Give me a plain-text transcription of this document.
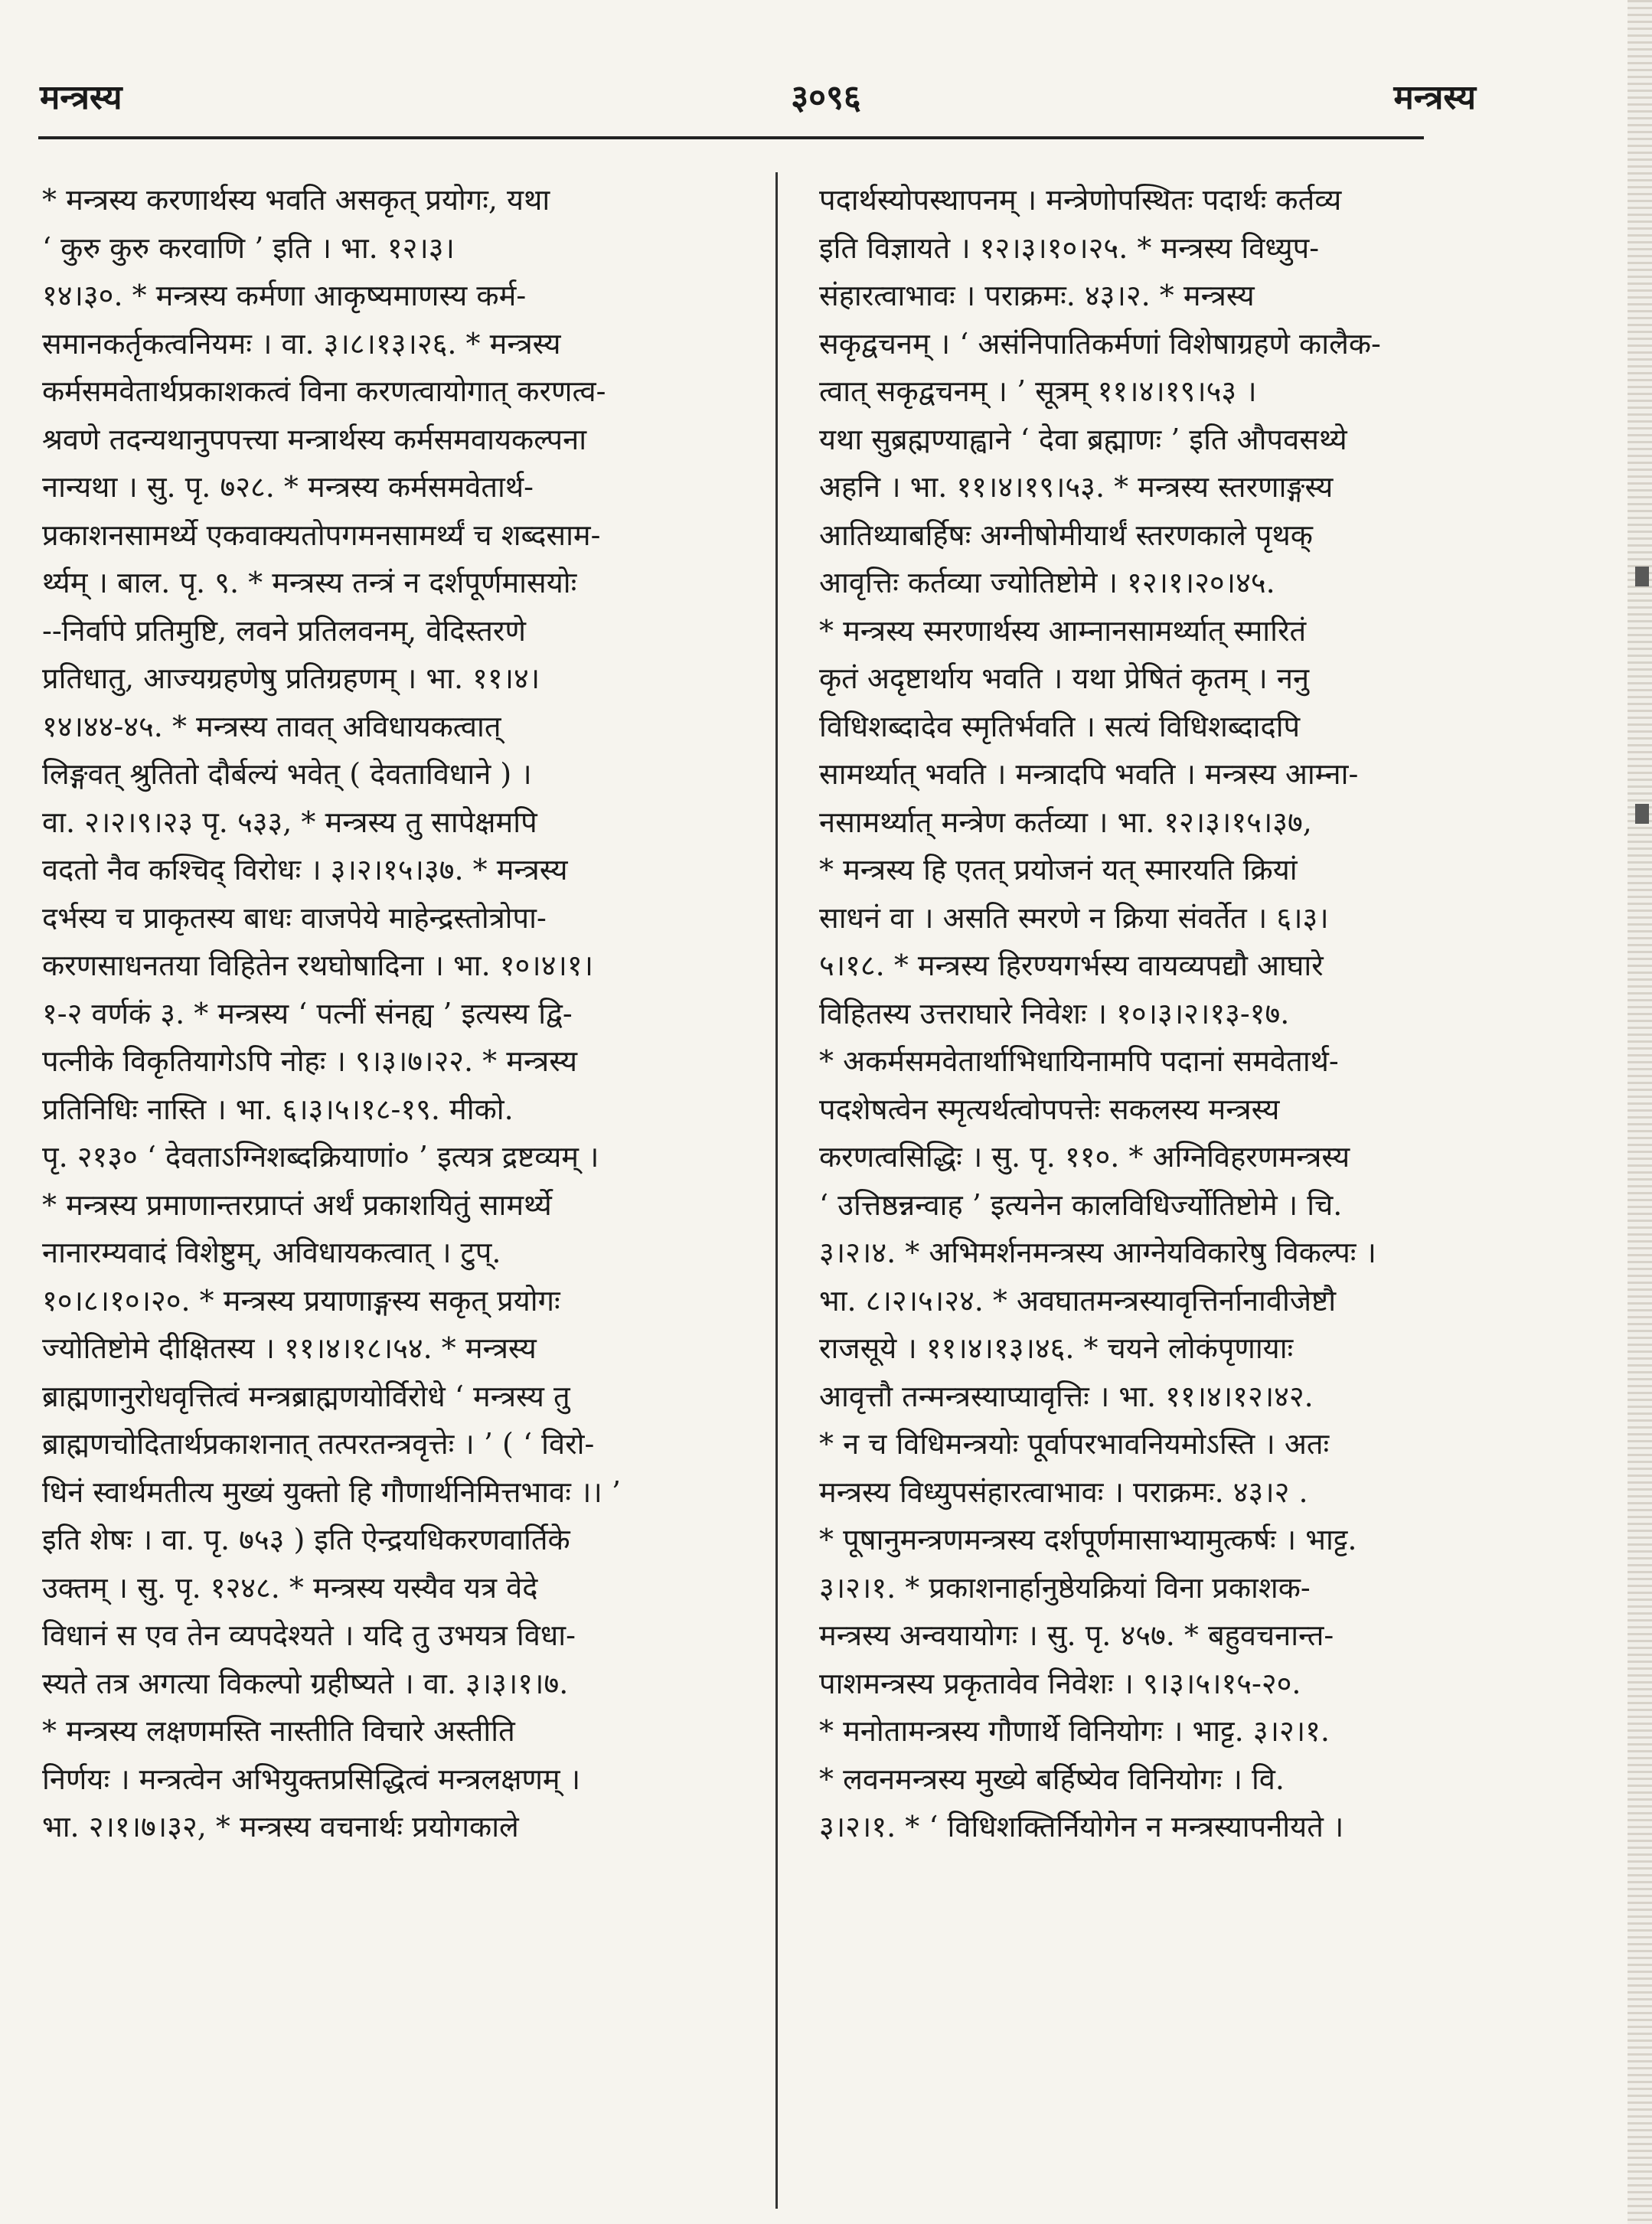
मन्त्रस्य	३०९६	मन्त्रस्य
* मन्त्रस्य करणार्थस्य भवति असकृत् प्रयोगः, यथा
‘ कुरु कुरु करवाणि ’ इति । भा. १२।३।
१४।३०. * मन्त्रस्य कर्मणा आकृष्यमाणस्य कर्म-
समानकर्तृकत्वनियमः । वा. ३।८।१३।२६. * मन्त्रस्य
कर्मसमवेतार्थप्रकाशकत्वं विना करणत्वायोगात् करणत्व-
श्रवणे तदन्यथानुपपत्त्या मन्त्रार्थस्य कर्मसमवायकल्पना
नान्यथा । सु. पृ. ७२८. * मन्त्रस्य कर्मसमवेतार्थ-
प्रकाशनसामर्थ्ये एकवाक्यतोपगमनसामर्थ्यं च शब्दसाम-
र्थ्यम् । बाल. पृ. ९. * मन्त्रस्य तन्त्रं न दर्शपूर्णमासयोः
--निर्वापे प्रतिमुष्टि, लवने प्रतिलवनम्, वेदिस्तरणे
प्रतिधातु, आज्यग्रहणेषु प्रतिग्रहणम् । भा. ११।४।
१४।४४-४५. * मन्त्रस्य तावत् अविधायकत्वात्
लिङ्गवत् श्रुतितो दौर्बल्यं भवेत् ( देवताविधाने ) ।
वा. २।२।९।२३ पृ. ५३३, * मन्त्रस्य तु सापेक्षमपि
वदतो नैव कश्चिद् विरोधः । ३।२।१५।३७. * मन्त्रस्य
दर्भस्य च प्राकृतस्य बाधः वाजपेये माहेन्द्रस्तोत्रोपा-
करणसाधनतया विहितेन रथघोषादिना । भा. १०।४।१।
१-२ वर्णकं ३. * मन्त्रस्य ‘ पत्नीं संनह्य ’ इत्यस्य द्वि-
पत्नीके विकृतियागेऽपि नोहः । ९।३।७।२२. * मन्त्रस्य
प्रतिनिधिः नास्ति । भा. ६।३।५।१८-१९. मीको.
पृ. २१३० ‘ देवताऽग्निशब्दक्रियाणां० ’ इत्यत्र द्रष्टव्यम् ।
* मन्त्रस्य प्रमाणान्तरप्राप्तं अर्थं प्रकाशयितुं सामर्थ्ये
नानारम्यवादं विशेष्टुम्, अविधायकत्वात् । टुप्.
१०।८।१०।२०. * मन्त्रस्य प्रयाणाङ्गस्य सकृत् प्रयोगः
ज्योतिष्टोमे दीक्षितस्य । ११।४।१८।५४. * मन्त्रस्य
ब्राह्मणानुरोधवृत्तित्वं मन्त्रब्राह्मणयोर्विरोधे ‘ मन्त्रस्य तु
ब्राह्मणचोदितार्थप्रकाशनात् तत्परतन्त्रवृत्तेः । ’ ( ‘ विरो-
धिनं स्वार्थमतीत्य मुख्यं युक्तो हि गौणार्थनिमित्तभावः ।। ’
इति शेषः । वा. पृ. ७५३ ) इति ऐन्द्रयधिकरणवार्तिके
उक्तम् । सु. पृ. १२४८. * मन्त्रस्य यस्यैव यत्र वेदे
विधानं स एव तेन व्यपदेश्यते । यदि तु उभयत्र विधा-
स्यते तत्र अगत्या विकल्पो ग्रहीष्यते । वा. ३।३।१।७.
* मन्त्रस्य लक्षणमस्ति नास्तीति विचारे अस्तीति
निर्णयः । मन्त्रत्वेन अभियुक्तप्रसिद्धित्वं मन्त्रलक्षणम् ।
भा. २।१।७।३२, * मन्त्रस्य वचनार्थः प्रयोगकाले
पदार्थस्योपस्थापनम् । मन्त्रेणोपस्थितः पदार्थः कर्तव्य
इति विज्ञायते । १२।३।१०।२५. * मन्त्रस्य विध्युप-
संहारत्वाभावः । पराक्रमः. ४३।२. * मन्त्रस्य
सकृद्वचनम् । ‘ असंनिपातिकर्मणां विशेषाग्रहणे कालैक-
त्वात् सकृद्वचनम् । ’ सूत्रम् ११।४।१९।५३ ।
यथा सुब्रह्मण्याह्वाने ‘ देवा ब्रह्माणः ’ इति औपवसथ्ये
अहनि । भा. ११।४।१९।५३. * मन्त्रस्य स्तरणाङ्गस्य
आतिथ्याबर्हिषः अग्नीषोमीयार्थं स्तरणकाले पृथक्
आवृत्तिः कर्तव्या ज्योतिष्टोमे । १२।१।२०।४५.
* मन्त्रस्य स्मरणार्थस्य आम्नानसामर्थ्यात् स्मारितं
कृतं अदृष्टार्थाय भवति । यथा प्रेषितं कृतम् । ननु
विधिशब्दादेव स्मृतिर्भवति । सत्यं विधिशब्दादपि
सामर्थ्यात् भवति । मन्त्रादपि भवति । मन्त्रस्य आम्ना-
नसामर्थ्यात् मन्त्रेण कर्तव्या । भा. १२।३।१५।३७,
* मन्त्रस्य हि एतत् प्रयोजनं यत् स्मारयति क्रियां
साधनं वा । असति स्मरणे न क्रिया संवर्तेत । ६।३।
५।१८. * मन्त्रस्य हिरण्यगर्भस्य वायव्यपद्यौ आघारे
विहितस्य उत्तराघारे निवेशः । १०।३।२।१३-१७.
* अकर्मसमवेतार्थाभिधायिनामपि पदानां समवेतार्थ-
पदशेषत्वेन स्मृत्यर्थत्वोपपत्तेः सकलस्य मन्त्रस्य
करणत्वसिद्धिः । सु. पृ. ११०. * अग्निविहरणमन्त्रस्य
‘ उत्तिष्ठन्नन्वाह ’ इत्यनेन कालविधिर्ज्योतिष्टोमे । चि.
३।२।४. * अभिमर्शनमन्त्रस्य आग्नेयविकारेषु विकल्पः ।
भा. ८।२।५।२४. * अवघातमन्त्रस्यावृत्तिर्नानावीजेष्टौ
राजसूये । ११।४।१३।४६. * चयने लोकंपृणायाः
आवृत्तौ तन्मन्त्रस्याप्यावृत्तिः । भा. ११।४।१२।४२.
* न च विधिमन्त्रयोः पूर्वापरभावनियमोऽस्ति । अतः
मन्त्रस्य विध्युपसंहारत्वाभावः । पराक्रमः. ४३।२ .
* पूषानुमन्त्रणमन्त्रस्य दर्शपूर्णमासाभ्यामुत्कर्षः । भाट्ट.
३।२।१. * प्रकाशनार्हानुष्ठेयक्रियां विना प्रकाशक-
मन्त्रस्य अन्वयायोगः । सु. पृ. ४५७. * बहुवचनान्त-
पाशमन्त्रस्य प्रकृतावेव निवेशः । ९।३।५।१५-२०.
* मनोतामन्त्रस्य गौणार्थे विनियोगः । भाट्ट. ३।२।१.
* लवनमन्त्रस्य मुख्ये बर्हिष्येव विनियोगः । वि.
३।२।१. * ‘ विधिशक्तिर्नियोगेन न मन्त्रस्यापनीयते ।
